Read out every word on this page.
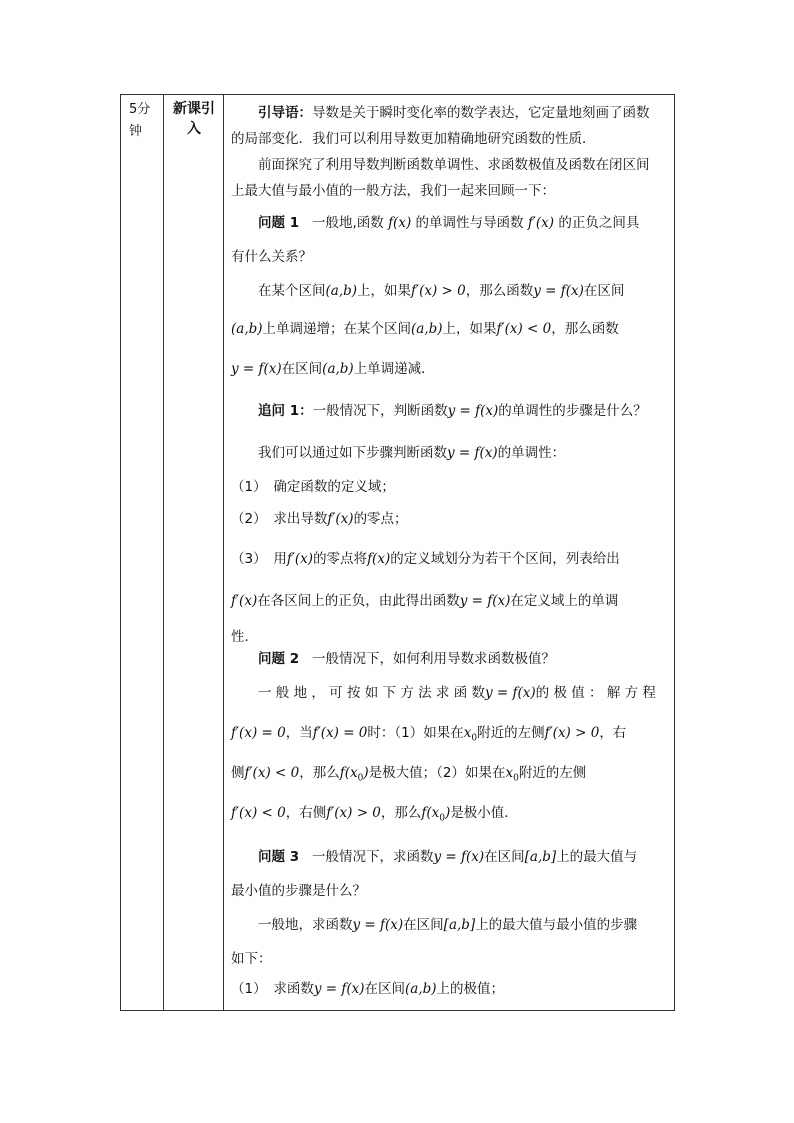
5分钟
新课引入
引导语：导数是关于瞬时变化率的数学表达，它定量地刻画了函数
的局部变化．我们可以利用导数更加精确地研究函数的性质．
前面探究了利用导数判断函数单调性、求函数极值及函数在闭区间
上最大值与最小值的一般方法，我们一起来回顾一下：
问题 1 一般地,函数 f(x) 的单调性与导函数 f′(x) 的正负之间具
有什么关系？
在某个区间(a,b)上，如果f′(x) > 0，那么函数y = f(x)在区间
(a,b)上单调递增；在某个区间(a,b)上，如果f′(x) < 0，那么函数
y = f(x)在区间(a,b)上单调递减．
追问 1：一般情况下，判断函数y = f(x)的单调性的步骤是什么？
我们可以通过如下步骤判断函数y = f(x)的单调性：
（1）　确定函数的定义域；
（2）　求出导数f′(x)的零点；
（3）　用f′(x)的零点将f(x)的定义域划分为若干个区间，列表给出
f′(x)在各区间上的正负，由此得出函数y = f(x)在定义域上的单调
性．
问题 2 一般情况下，如何利用导数求函数极值？
一 般 地 ， 可 按 如 下 方 法 求 函 数y = f(x)的 极 值 ： 解 方 程
f′(x) = 0，当f′(x) = 0时：（1）如果在$x_0$附近的左侧f′(x) > 0，右
侧f′(x) < 0，那么$f(x_0)$是极大值；（2）如果在$x_0$附近的左侧
f′(x) < 0，右侧f′(x) > 0，那么$f(x_0)$是极小值．
问题 3 一般情况下，求函数y = f(x)在区间[a,b]上的最大值与
最小值的步骤是什么？
一般地，求函数y = f(x)在区间[a,b]上的最大值与最小值的步骤
如下：
（1）　求函数y = f(x)在区间(a,b)上的极值；
